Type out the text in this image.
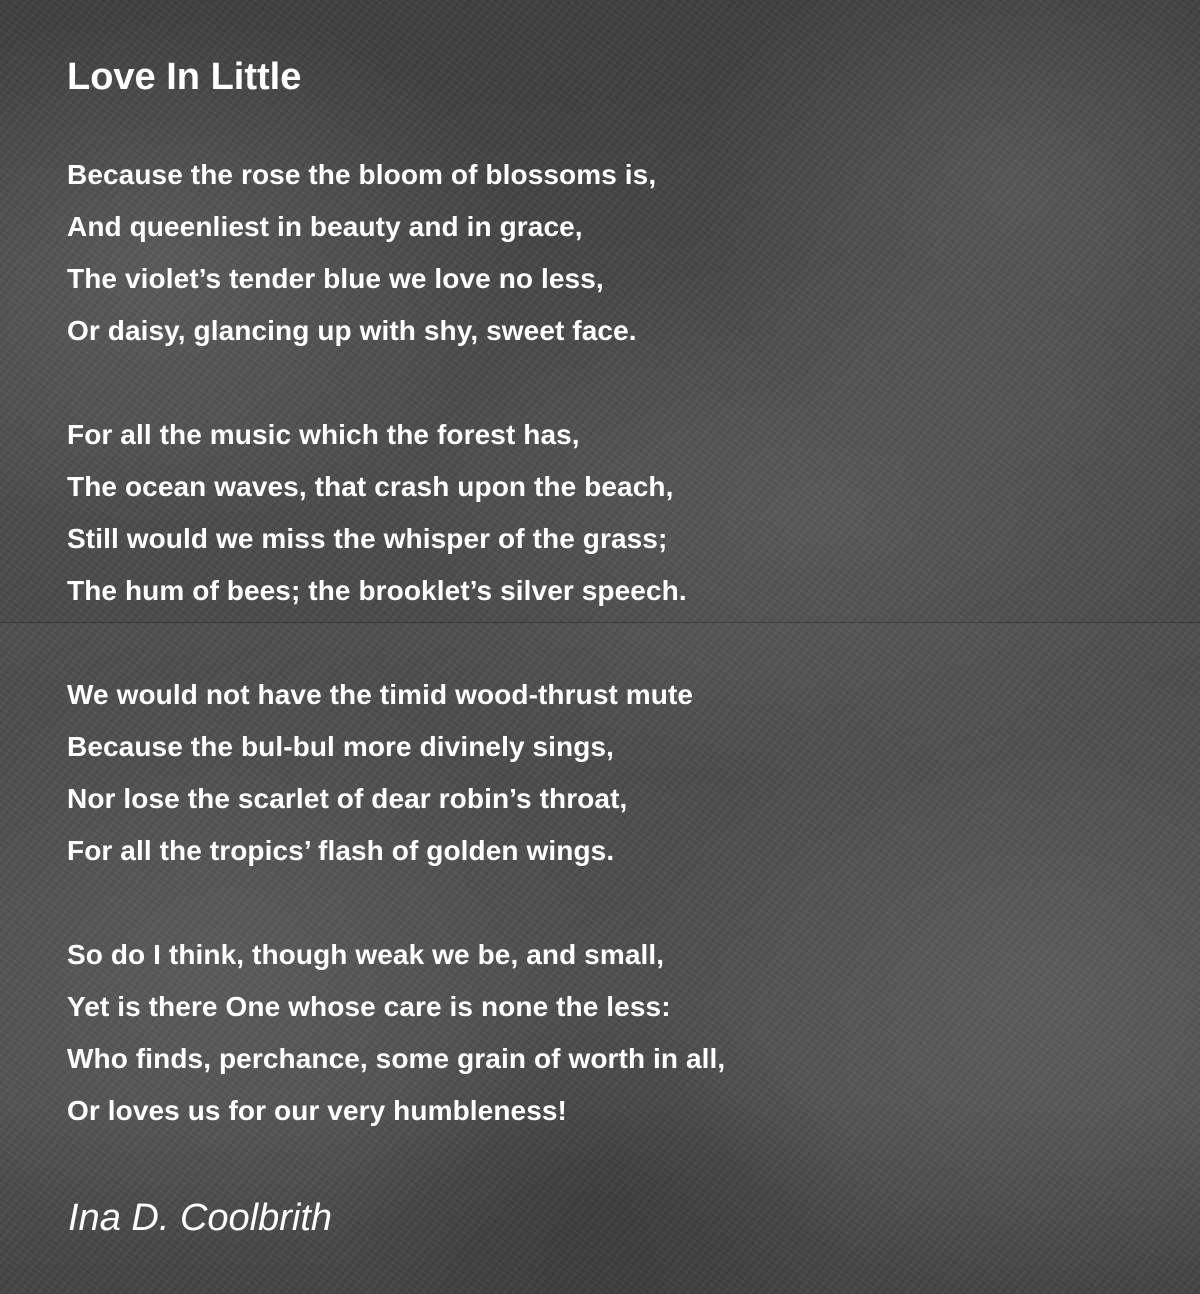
Love In Little
Because the rose the bloom of blossoms is,
And queenliest in beauty and in grace,
The violet’s tender blue we love no less,
Or daisy, glancing up with shy, sweet face.
For all the music which the forest has,
The ocean waves, that crash upon the beach,
Still would we miss the whisper of the grass;
The hum of bees; the brooklet’s silver speech.
We would not have the timid wood-thrust mute
Because the bul-bul more divinely sings,
Nor lose the scarlet of dear robin’s throat,
For all the tropics’ flash of golden wings.
So do I think, though weak we be, and small,
Yet is there One whose care is none the less:
Who finds, perchance, some grain of worth in all,
Or loves us for our very humbleness!

Ina D. Coolbrith
